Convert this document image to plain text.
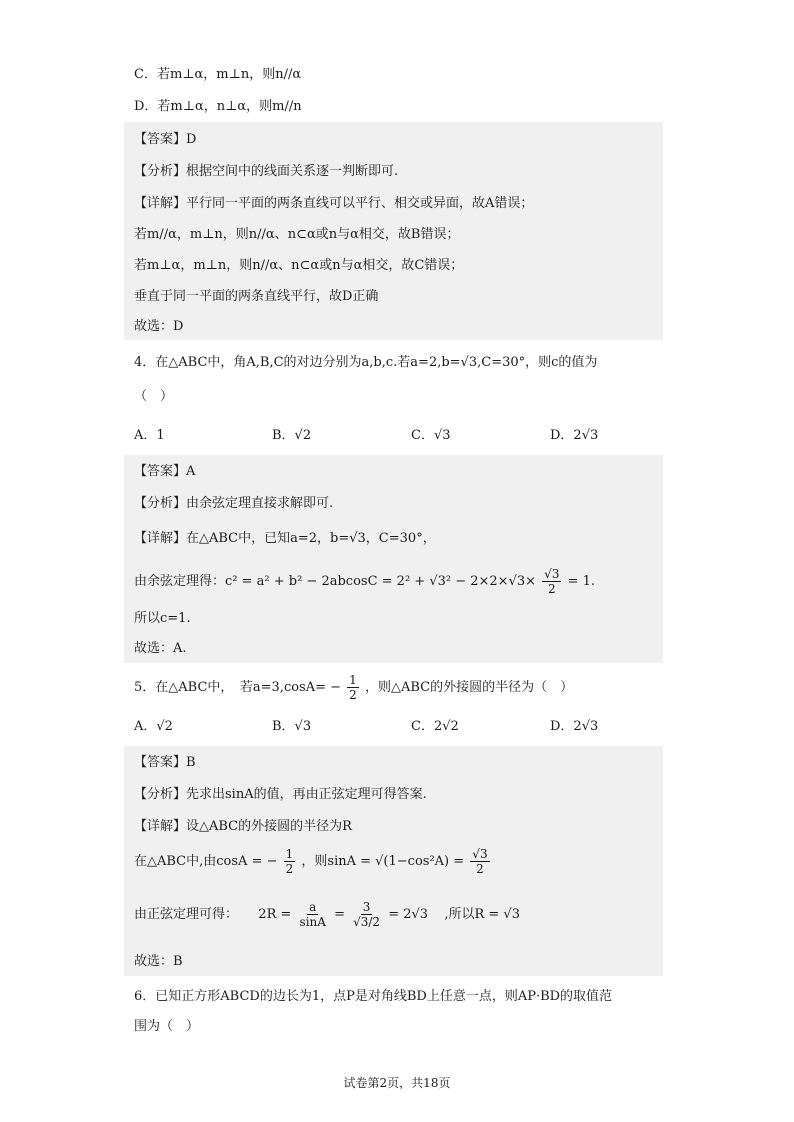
C．若m⊥α，m⊥n，则n//α
D．若m⊥α，n⊥α，则m//n
【答案】D
【分析】根据空间中的线面关系逐一判断即可.
【详解】平行同一平面的两条直线可以平行、相交或异面，故A错误；
若m//α，m⊥n，则n//α、n⊂α或n与α相交，故B错误；
若m⊥α，m⊥n，则n//α、n⊂α或n与α相交，故C错误；
垂直于同一平面的两条直线平行，故D正确
故选：D
4．在△ABC中，角A,B,C的对边分别为a,b,c.若a=2,b=√3,C=30°，则c的值为
（　）
A．1	B．√2	C．√3	D．2√3
【答案】A
【分析】由余弦定理直接求解即可.
【详解】在△ABC中，已知a=2，b=√3，C=30°，
由余弦定理得：$c^2 = a^2 + b^2 - 2abcosC = 2^2 + √3^2 - 2\times 2\times√3\times \frac{√3}{2} = 1$.
所以c=1.
故选：A.
5．在△ABC中，　若$a=3,\cos A= - \frac{1}{2}$ ，则△ABC的外接圆的半径为（　）
A．√2	B．√3	C．2√2	D．2√3
【答案】B
【分析】先求出sinA的值，再由正弦定理可得答案.
【详解】设△ABC的外接圆的半径为R
在△ABC中,由cosA = − $\frac{1}{2}$ ，则$\sin A = √(1-\cos^2A) = \frac{√3}{2}$
由正弦定理可得： $2R = \frac{a}{\sin A} = \frac{3}{√3/2} = 2√3$ ,所以R = √3
故选：B
6．已知正方形ABCD的边长为1，点P是对角线BD上任意一点，则AP·BD的取值范
围为（　）
试卷第2页，共18页
